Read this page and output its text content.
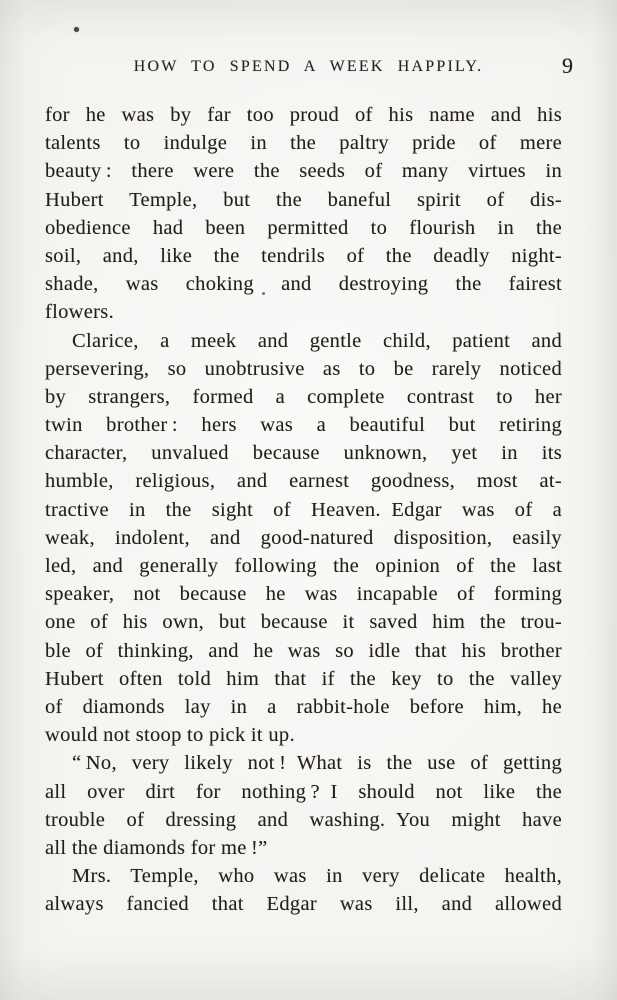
HOW TO SPEND A WEEK HAPPILY.	9

for he was by far too proud of his name and his
talents to indulge in the paltry pride of mere
beauty : there were the seeds of many virtues in
Hubert Temple, but the baneful spirit of dis-
obedience had been permitted to flourish in the
soil, and, like the tendrils of the deadly night-
shade, was choking and destroying the fairest
flowers.

Clarice, a meek and gentle child, patient and
persevering, so unobtrusive as to be rarely noticed
by strangers, formed a complete contrast to her
twin brother : hers was a beautiful but retiring
character, unvalued because unknown, yet in its
humble, religious, and earnest goodness, most at-
tractive in the sight of Heaven. Edgar was of a
weak, indolent, and good-natured disposition, easily
led, and generally following the opinion of the last
speaker, not because he was incapable of forming
one of his own, but because it saved him the trou-
ble of thinking, and he was so idle that his brother
Hubert often told him that if the key to the valley
of diamonds lay in a rabbit-hole before him, he
would not stoop to pick it up.

“ No, very likely not ! What is the use of getting
all over dirt for nothing ? I should not like the
trouble of dressing and washing. You might have
all the diamonds for me !”

Mrs. Temple, who was in very delicate health,
always fancied that Edgar was ill, and allowed
